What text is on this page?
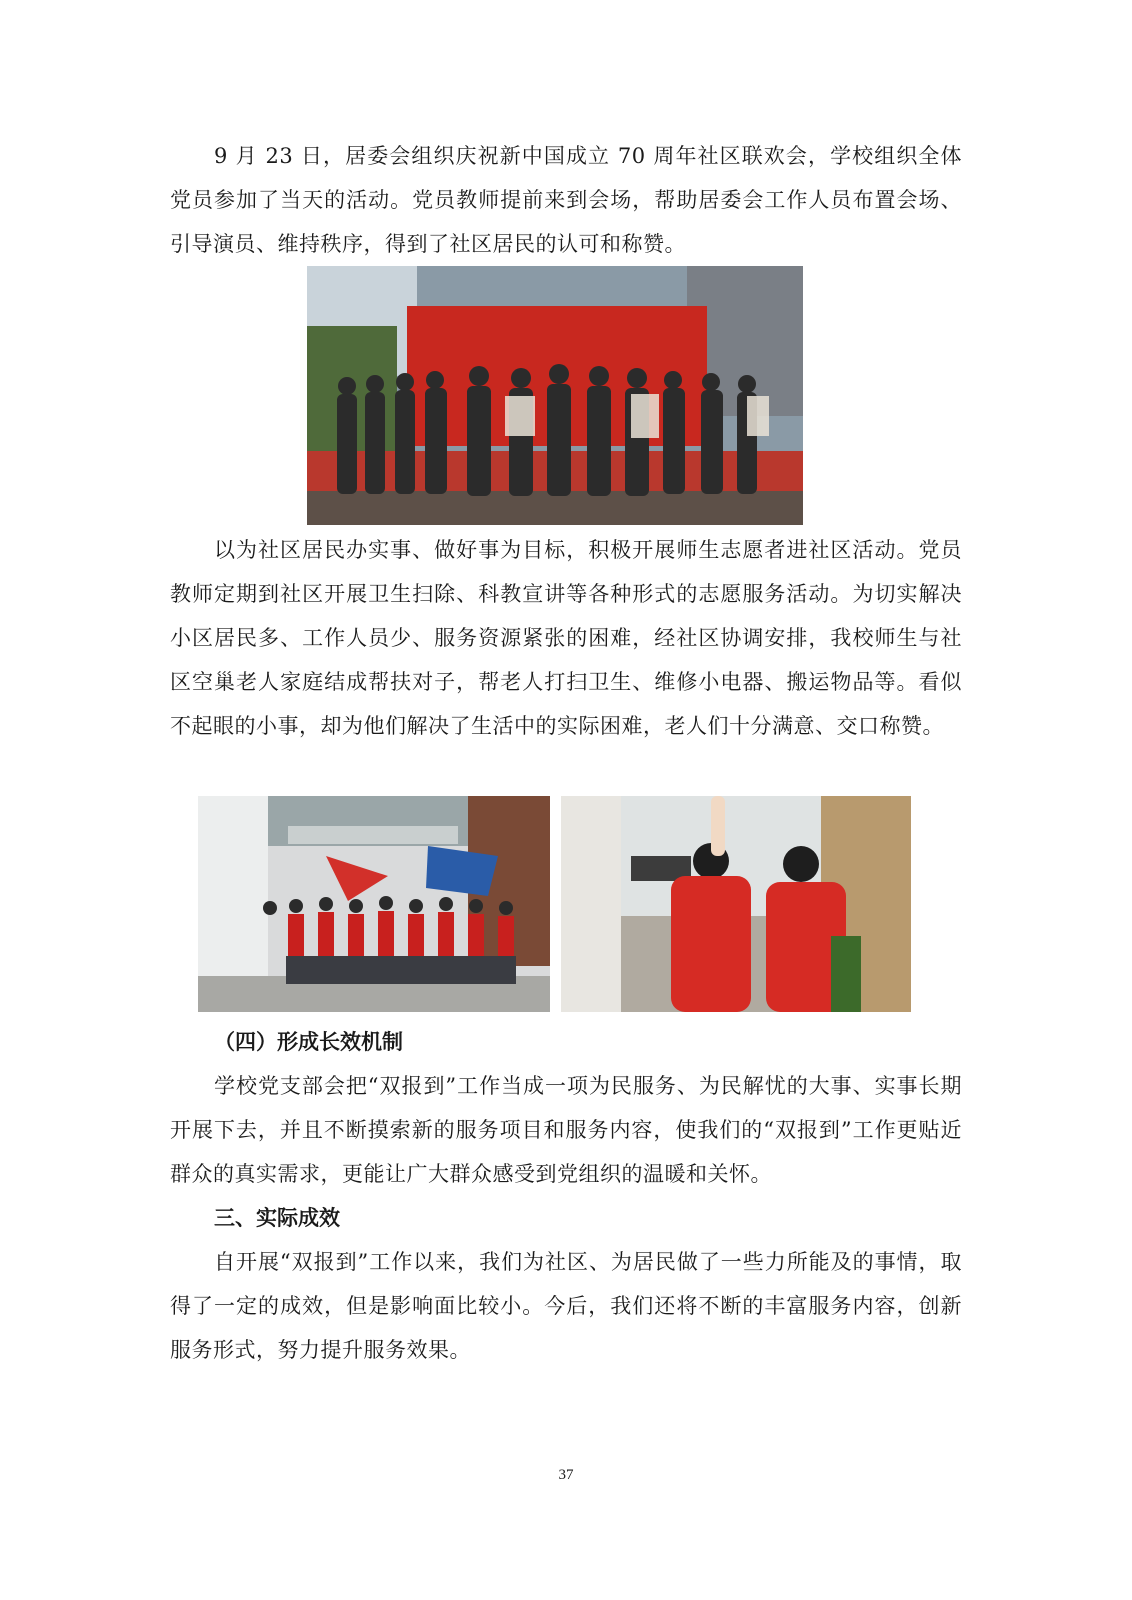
9 月 23 日，居委会组织庆祝新中国成立 70 周年社区联欢会，学校组织全体党员参加了当天的活动。党员教师提前来到会场，帮助居委会工作人员布置会场、引导演员、维持秩序，得到了社区居民的认可和称赞。

以为社区居民办实事、做好事为目标，积极开展师生志愿者进社区活动。党员教师定期到社区开展卫生扫除、科教宣讲等各种形式的志愿服务活动。为切实解决小区居民多、工作人员少、服务资源紧张的困难，经社区协调安排，我校师生与社区空巢老人家庭结成帮扶对子，帮老人打扫卫生、维修小电器、搬运物品等。看似不起眼的小事，却为他们解决了生活中的实际困难，老人们十分满意、交口称赞。

（四）形成长效机制

学校党支部会把“双报到”工作当成一项为民服务、为民解忧的大事、实事长期开展下去，并且不断摸索新的服务项目和服务内容，使我们的“双报到”工作更贴近群众的真实需求，更能让广大群众感受到党组织的温暖和关怀。

三、实际成效

自开展“双报到”工作以来，我们为社区、为居民做了一些力所能及的事情，取得了一定的成效，但是影响面比较小。今后，我们还将不断的丰富服务内容，创新服务形式，努力提升服务效果。

37
